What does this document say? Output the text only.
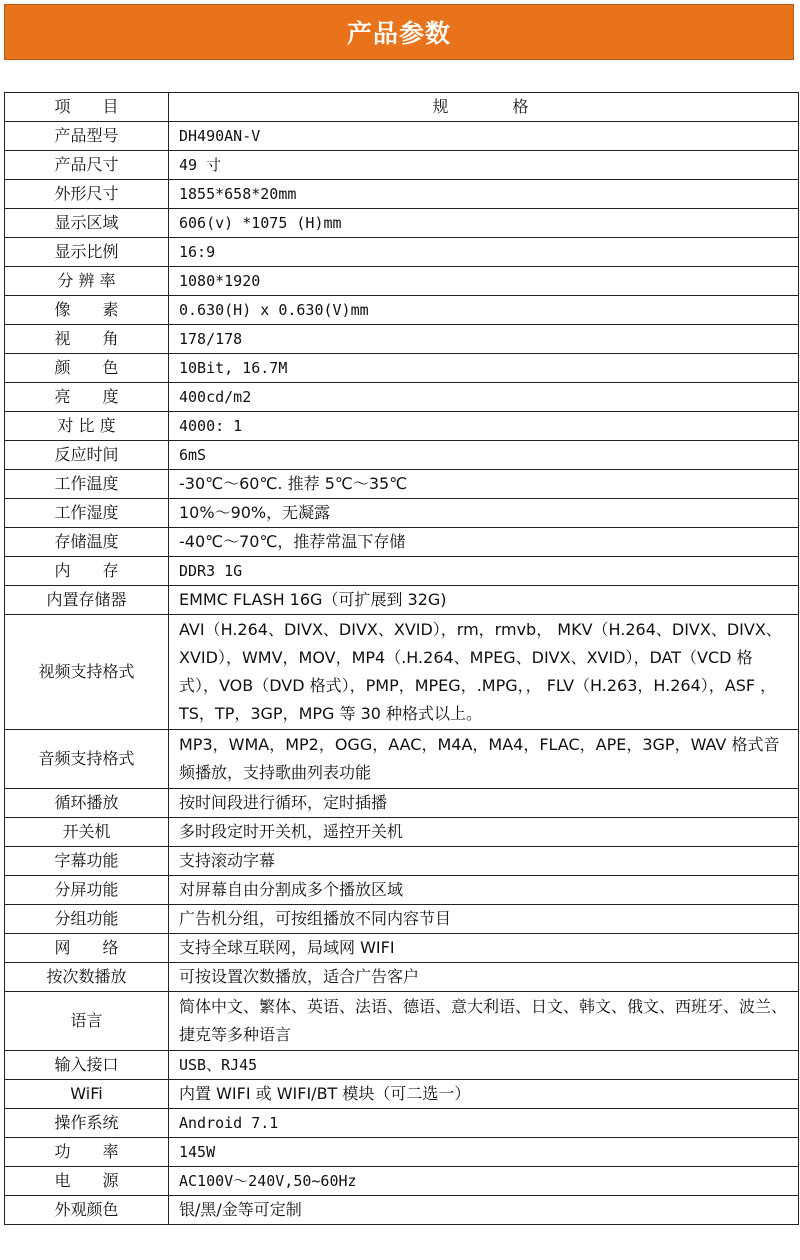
产品参数
项　　目	规　　　　格
产品型号	DH490AN-V
产品尺寸	49 寸
外形尺寸	1855*658*20mm
显示区域	606(v) *1075 (H)mm
显示比例	16:9
分 辨 率	1080*1920
像　　素	0.630(H) x 0.630(V)mm
视　　角	178/178
颜　　色	10Bit, 16.7M
亮　　度	400cd/m2
对 比 度	4000: 1
反应时间	6mS
工作温度	-30℃～60℃. 推荐 5℃～35℃
工作湿度	10%～90%，无凝露
存储温度	-40℃～70℃，推荐常温下存储
内　　存	DDR3 1G
内置存储器	EMMC FLASH 16G（可扩展到 32G)
视频支持格式	AVI（H.264、DIVX、DIVX、XVID），rm，rmvb， MKV（H.264、DIVX、DIVX、XVID），WMV，MOV，MP4（.H.264、MPEG、DIVX、XVID），DAT（VCD 格式），VOB（DVD 格式），PMP，MPEG，.MPG，， FLV（H.263，H.264），ASF ，TS，TP，3GP，MPG 等 30 种格式以上。
音频支持格式	MP3，WMA，MP2，OGG，AAC，M4A，MA4，FLAC，APE，3GP，WAV 格式音频播放，支持歌曲列表功能
循环播放	按时间段进行循环，定时插播
开关机	多时段定时开关机，遥控开关机
字幕功能	支持滚动字幕
分屏功能	对屏幕自由分割成多个播放区域
分组功能	广告机分组，可按组播放不同内容节目
网　　络	支持全球互联网，局域网 WIFI
按次数播放	可按设置次数播放，适合广告客户
语言	简体中文、繁体、英语、法语、德语、意大利语、日文、韩文、俄文、西班牙、波兰、捷克等多种语言
输入接口	USB、RJ45
WiFi	内置 WIFI 或 WIFI/BT 模块（可二选一）
操作系统	Android 7.1
功　　率	145W
电　　源	AC100V～240V,50~60Hz
外观颜色	银/黑/金等可定制
